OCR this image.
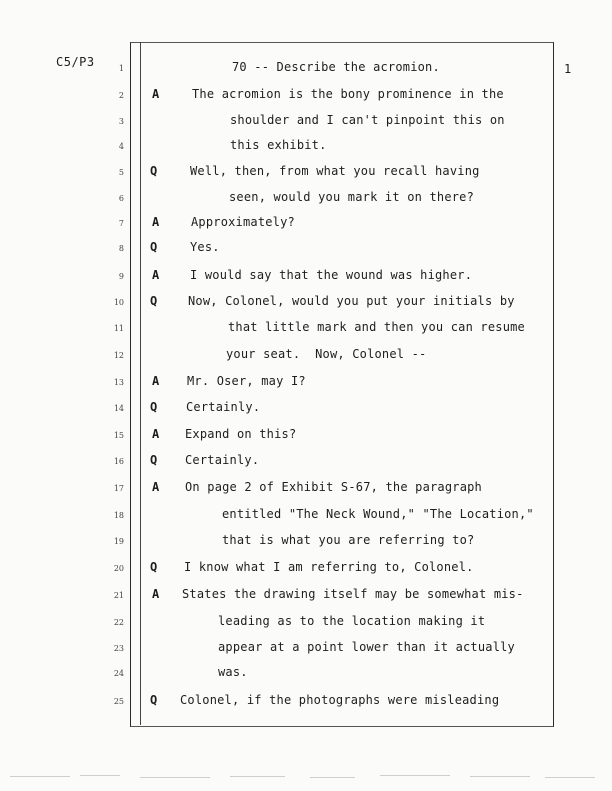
C5/P3	1
1	70 -- Describe the acromion.
2 A	The acromion is the bony prominence in the
3	shoulder and I can't pinpoint this on
4	this exhibit.
5 Q	Well, then, from what you recall having
6	seen, would you mark it on there?
7 A	Approximately?
8 Q	Yes.
9 A	I would say that the wound was higher.
10 Q	Now, Colonel, would you put your initials by
11	that little mark and then you can resume
12	your seat.  Now, Colonel --
13 A Mr. Oser, may I?
14 Q Certainly.
15 A Expand on this?
16 Q Certainly.
17 A On page 2 of Exhibit S-67, the paragraph
18	entitled "The Neck Wound," "The Location,"
19	that is what you are referring to?
20 Q I know what I am referring to, Colonel.
21 A States the drawing itself may be somewhat mis-
22	leading as to the location making it
23	appear at a point lower than it actually
24	was.
25 Q Colonel, if the photographs were misleading
